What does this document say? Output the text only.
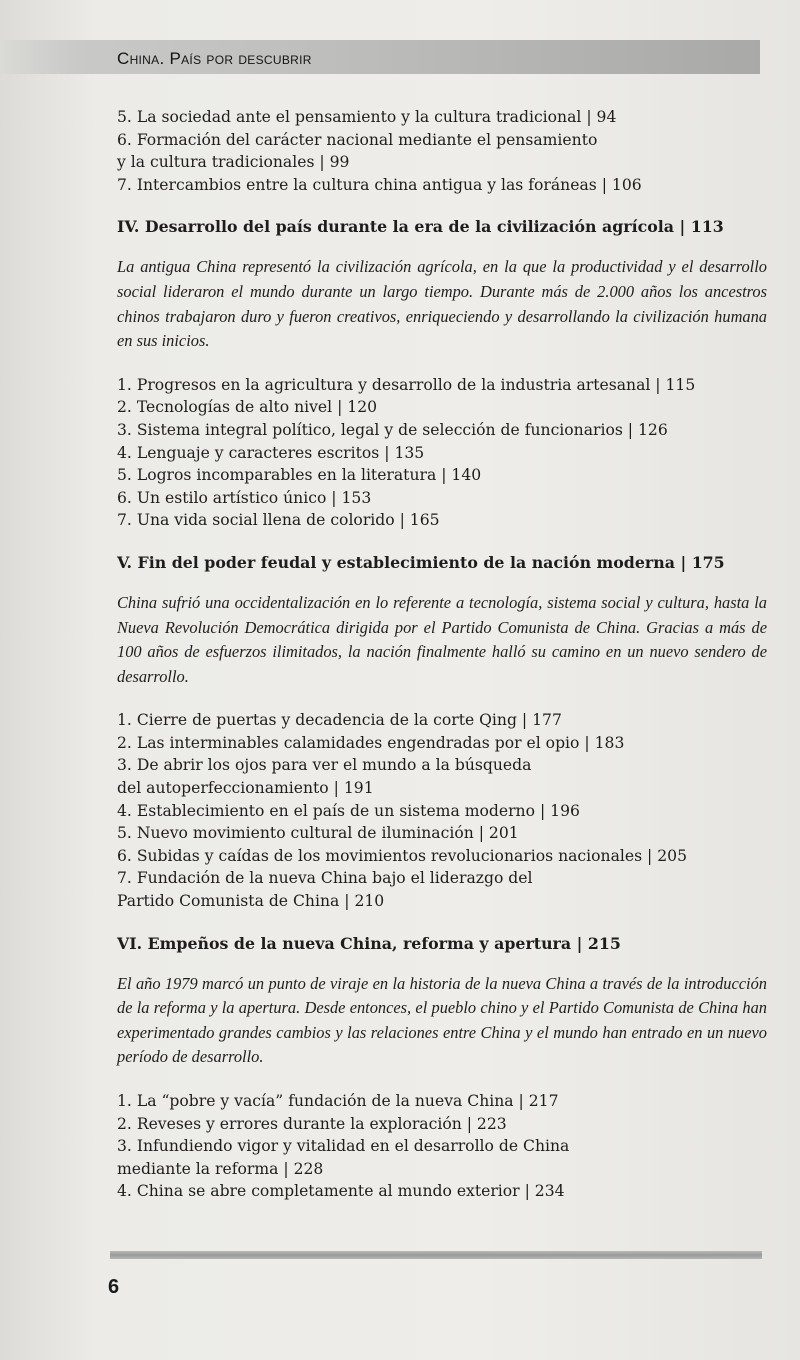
China. País por descubrir
5. La sociedad ante el pensamiento y la cultura tradicional | 94
6. Formación del carácter nacional mediante el pensamiento
y la cultura tradicionales | 99
7. Intercambios entre la cultura china antigua y las foráneas | 106
IV. Desarrollo del país durante la era de la civilización agrícola | 113

La antigua China representó la civilización agrícola, en la que la productividad y el desarrollo social lideraron el mundo durante un largo tiempo. Durante más de 2.000 años los ancestros chinos trabajaron duro y fueron creativos, enriqueciendo y desarrollando la civilización humana en sus inicios.

1. Progresos en la agricultura y desarrollo de la industria artesanal | 115
2. Tecnologías de alto nivel | 120
3. Sistema integral político, legal y de selección de funcionarios | 126
4. Lenguaje y caracteres escritos | 135
5. Logros incomparables en la literatura | 140
6. Un estilo artístico único | 153
7. Una vida social llena de colorido | 165
V. Fin del poder feudal y establecimiento de la nación moderna | 175

China sufrió una occidentalización en lo referente a tecnología, sistema social y cultura, hasta la Nueva Revolución Democrática dirigida por el Partido Comunista de China. Gracias a más de 100 años de esfuerzos ilimitados, la nación finalmente halló su camino en un nuevo sendero de desarrollo.

1. Cierre de puertas y decadencia de la corte Qing | 177
2. Las interminables calamidades engendradas por el opio | 183
3. De abrir los ojos para ver el mundo a la búsqueda
del autoperfeccionamiento | 191
4. Establecimiento en el país de un sistema moderno | 196
5. Nuevo movimiento cultural de iluminación | 201
6. Subidas y caídas de los movimientos revolucionarios nacionales | 205
7. Fundación de la nueva China bajo el liderazgo del
Partido Comunista de China | 210
VI. Empeños de la nueva China, reforma y apertura | 215

El año 1979 marcó un punto de viraje en la historia de la nueva China a través de la introducción de la reforma y la apertura. Desde entonces, el pueblo chino y el Partido Comunista de China han experimentado grandes cambios y las relaciones entre China y el mundo han entrado en un nuevo período de desarrollo.

1. La “pobre y vacía” fundación de la nueva China | 217
2. Reveses y errores durante la exploración | 223
3. Infundiendo vigor y vitalidad en el desarrollo de China
mediante la reforma | 228
4. China se abre completamente al mundo exterior | 234
6
